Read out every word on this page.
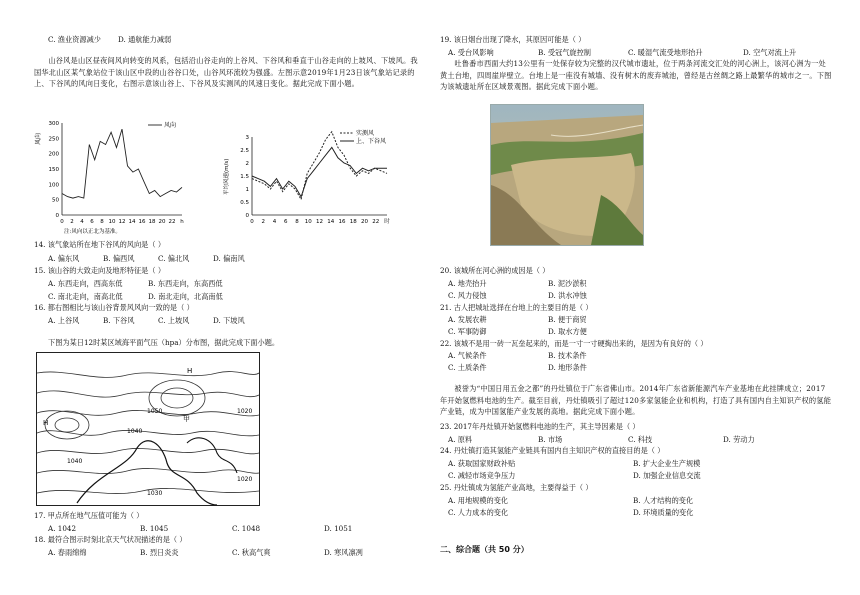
C. 渔业资源减少	D. 通航能力减弱
山谷风是山区昼夜间风向转变的风系，包括沿山谷走向的上谷风、下谷风和垂直于山谷走向的上坡风、下坡风。我国华北山区某气象站位于该山区中段的山谷谷口处，山谷风环流较为强盛。左图示意2019年1月23日该气象站记录的上、下谷风的风向日变化，右图示意该山谷上、下谷风及实测风的风速日变化。据此完成下面小题。
300
250
200
150
100
50
0
0 2 4 6 8 10 12 14 16 18 20 22 h
风向
风向
注:风向以正北为基准。
3
2.5
2
1.5
1
0.5
0
0 2 4 6 8 10 12 14 16 18 20 22 时
实测风
上、下谷风
平均风速(m/s)
14. 该气象站所在地下谷风的风向是（ ）
A. 偏东风	B. 偏西风	C. 偏北风	D. 偏南风
15. 该山谷的大致走向及地形特征是（ ）
A. 东西走向，西高东低	B. 东西走向，东高西低
C. 南北走向，南高北低	D. 南北走向，北高南低
16. 都右图相比与该山谷背景风风向一致的是（ ）
A. 上谷风	B. 下谷风	C. 上坡风	D. 下坡风
下图为某日12时某区域海平面气压（hpa）分布图，据此完成下面小题。
H
H	甲
1050
1040
1040
1030
1020
1020
17. 甲点所在地气压值可能为（ ）
A. 1042	B. 1045	C. 1048	D. 1051
18. 最符合图示时刻北京天气状况描述的是（ ）
A. 春雨绵绵	B. 烈日炎炎	C. 秋高气爽	D. 寒风凛冽
19. 该日烟台出现了降水，其原因可能是（ ）
A. 受台风影响	B. 受冠气旋控制	C. 暖湿气流受地形抬升	D. 空气对流上升
吐鲁番市西面大约13公里有一处保存较为完整的汉代城市遗址，位于两条河流交汇处的河心洲上，该河心洲为一处黄土台地，四周崖岸壁立。台地上是一座没有城墙、没有树木的废弃城池，曾经是古丝绸之路上最繁华的城市之一。下图为该城遗址所在区域景观图。据此完成下面小题。
20. 该城所在河心洲的成因是（ ）
A. 地壳抬升	B. 泥沙淤积
C. 风力侵蚀	D. 洪水冲蚀
21. 古人把城址选择在台地上的主要目的是（ ）
A. 发展农耕	B. 便于商贸
C. 军事防御	D. 取水方便
22. 该城不是用一砖一瓦垒起来的，而是一寸一寸硬掏出来的，是因为有良好的（ ）
A. 气候条件	B. 技术条件
C. 土质条件	D. 地形条件
被誉为“中国日用五金之都”的丹灶镇位于广东省佛山市。2014年广东省新能源汽车产业基地在此挂牌成立；2017年开始氢燃料电池的生产。截至目前，丹灶镇吸引了超过120多家氢能企业和机构，打造了具有国内自主知识产权的氢能产业链，成为中国氢能产业发展的高地。据此完成下面小题。
23. 2017年丹灶镇开始氢燃料电池的生产，其主导因素是（ ）
A. 原料	B. 市场	C. 科技	D. 劳动力
24. 丹灶镇打造其氢能产业链具有国内自主知识产权的直接目的是（ ）
A. 获取国家财政补贴	B. 扩大企业生产规模
C. 减轻市场竞争压力	D. 加强企业信息交流
25. 丹灶镇成为氢能产业高地，主要得益于（ ）
A. 用地规模的变化	B. 人才结构的变化
C. 人力成本的变化	D. 环境质量的变化
二、综合题（共 50 分）
